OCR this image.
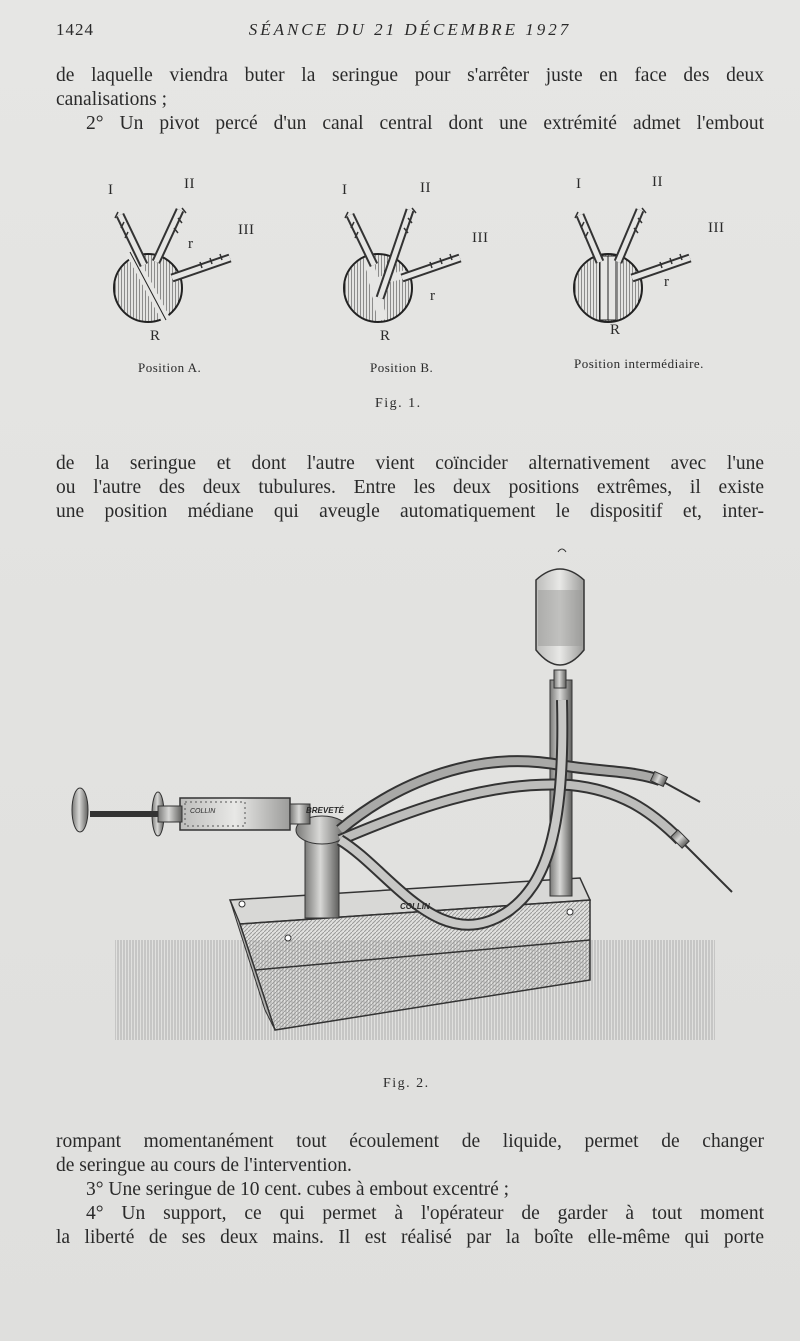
1424	SÉANCE DU 21 DÉCEMBRE 1927

de laquelle viendra buter la seringue pour s'arrêter juste en face des deux

canalisations ;

2° Un pivot percé d'un canal central dont une extrémité admet l'embout

I	II
III
r
R
Position A.
I	II
III
r
R
Position B.
I	II
III
r
R
Position intermédiaire.
Fig. 1.

de la seringue et dont l'autre vient coïncider alternativement avec l'une

ou l'autre des deux tubulures. Entre les deux positions extrêmes, il existe

une position médiane qui aveugle automatiquement le dispositif et, inter-

COLLIN	BREVETÉ
COLLIN
Fig. 2.

rompant momentanément tout écoulement de liquide, permet de changer

de seringue au cours de l'intervention.

3° Une seringue de 10 cent. cubes à embout excentré ;

4° Un support, ce qui permet à l'opérateur de garder à tout moment

la liberté de ses deux mains. Il est réalisé par la boîte elle-même qui porte
